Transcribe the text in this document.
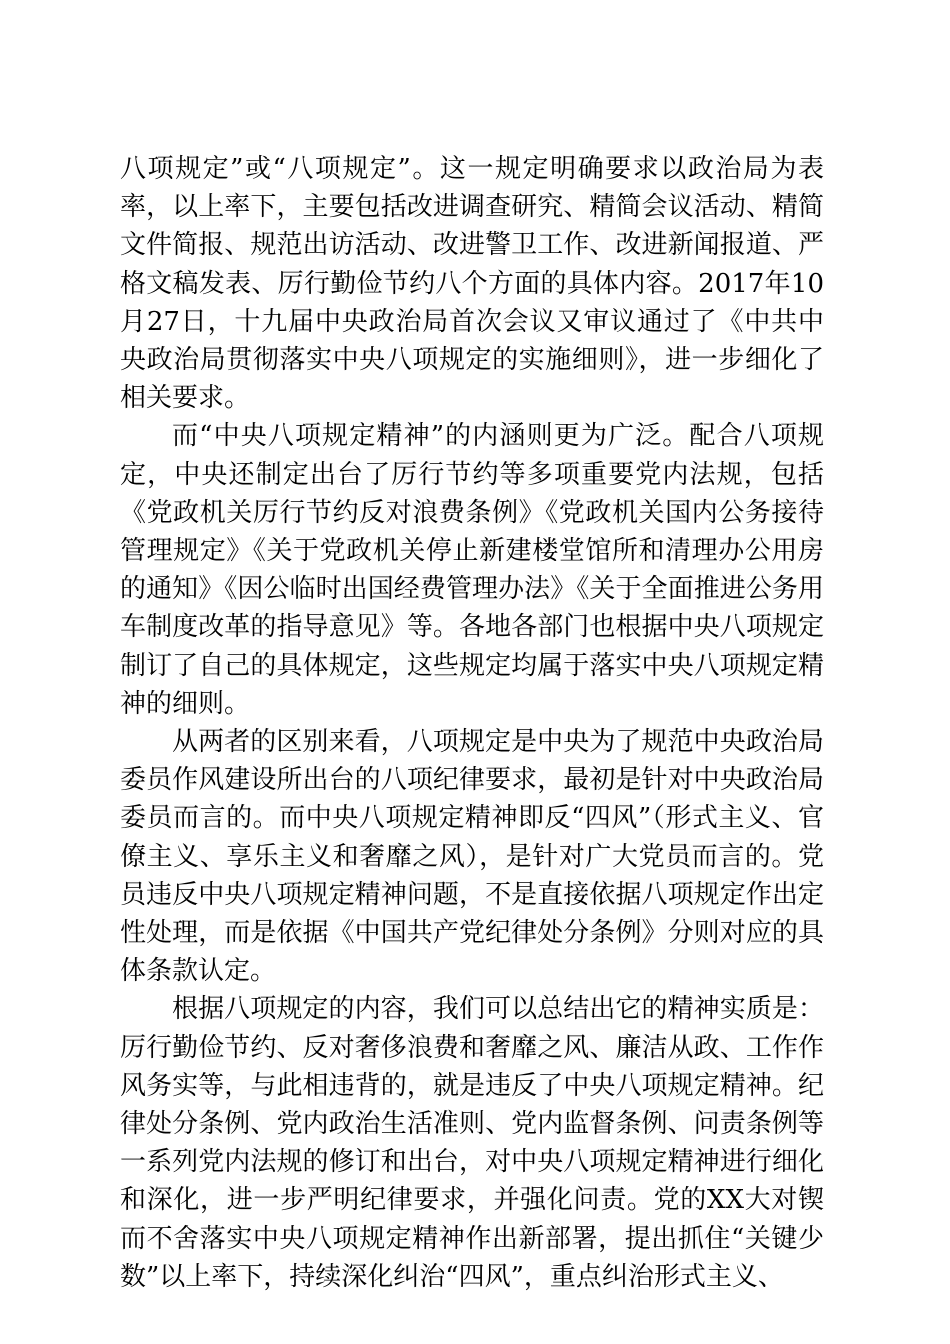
八项规定”或“八项规定”。这一规定明确要求以政治局为表率，以上率下，主要包括改进调查研究、精简会议活动、精简文件简报、规范出访活动、改进警卫工作、改进新闻报道、严格文稿发表、厉行勤俭节约八个方面的具体内容。2017年10月27日，十九届中央政治局首次会议又审议通过了《中共中央政治局贯彻落实中央八项规定的实施细则》，进一步细化了相关要求。

而“中央八项规定精神”的内涵则更为广泛。配合八项规定，中央还制定出台了厉行节约等多项重要党内法规，包括《党政机关厉行节约反对浪费条例》《党政机关国内公务接待管理规定》《关于党政机关停止新建楼堂馆所和清理办公用房的通知》《因公临时出国经费管理办法》《关于全面推进公务用车制度改革的指导意见》等。各地各部门也根据中央八项规定制订了自己的具体规定，这些规定均属于落实中央八项规定精神的细则。

从两者的区别来看，八项规定是中央为了规范中央政治局委员作风建设所出台的八项纪律要求，最初是针对中央政治局委员而言的。而中央八项规定精神即反“四风”（形式主义、官僚主义、享乐主义和奢靡之风），是针对广大党员而言的。党员违反中央八项规定精神问题，不是直接依据八项规定作出定性处理，而是依据《中国共产党纪律处分条例》分则对应的具体条款认定。

根据八项规定的内容，我们可以总结出它的精神实质是：厉行勤俭节约、反对奢侈浪费和奢靡之风、廉洁从政、工作作风务实等，与此相违背的，就是违反了中央八项规定精神。纪律处分条例、党内政治生活准则、党内监督条例、问责条例等一系列党内法规的修订和出台，对中央八项规定精神进行细化和深化，进一步严明纪律要求，并强化问责。党的XX大对锲而不舍落实中央八项规定精神作出新部署，提出抓住“关键少数”以上率下，持续深化纠治“四风”，重点纠治形式主义、
